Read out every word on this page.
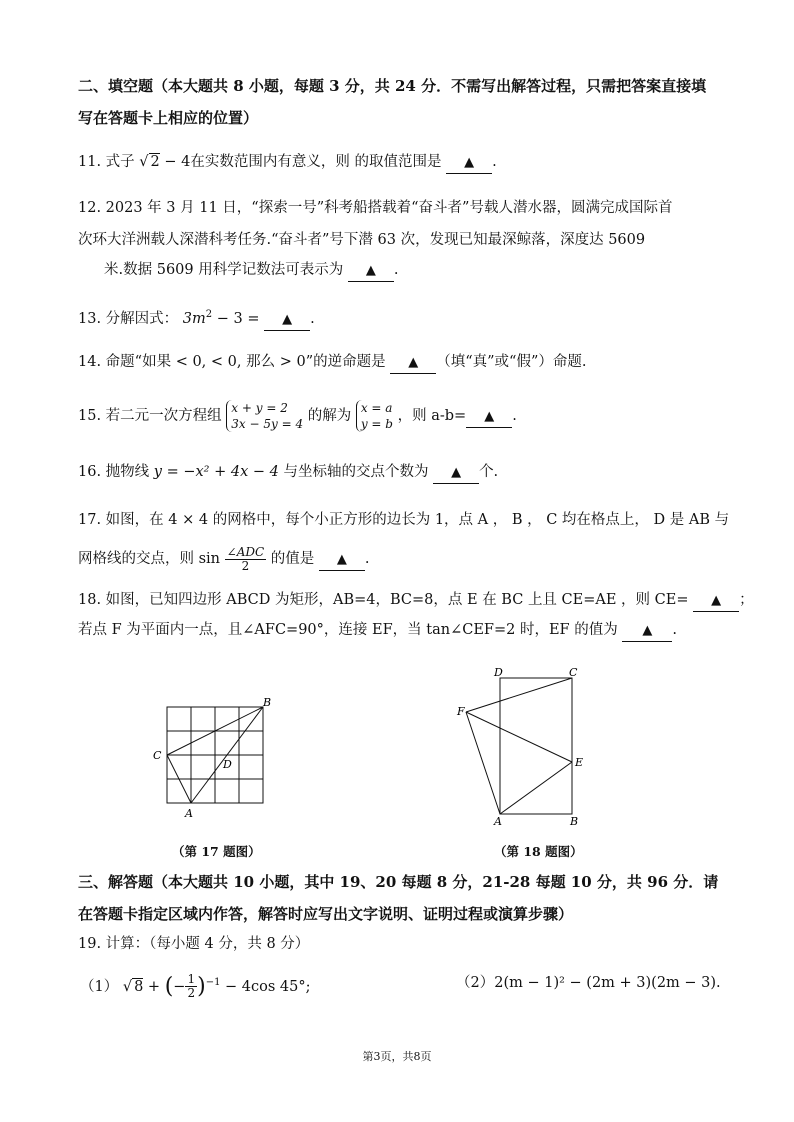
二、填空题（本大题共 8 小题，每题 3 分，共 24 分．不需写出解答过程，只需把答案直接填
写在答题卡上相应的位置）
11. 式子 √ 2 − 4在实数范围内有意义，则 的取值范围是 ▲ .
12. 2023 年 3 月 11 日，“探索一号”科考船搭载着“奋斗者”号载人潜水器，圆满完成国际首
次环大洋洲载人深潜科考任务.“奋斗者”号下潜 63 次，发现已知最深鲸落，深度达 5609
米.数据 5609 用科学记数法可表示为 ▲ .
13. 分解因式： $3m^2 - 3$ = ▲ .
14. 命题“如果 < 0, < 0, 那么 > 0”的逆命题是 ▲ （填“真”或“假”）命题.
15. 若二元一次方程组 x + y = 2
3x − 5y = 4 的解为 x = a
y = b ，则 a-b= ▲ .
16. 抛物线 y = −x² + 4x − 4 与坐标轴的交点个数为 ▲ 个.
17. 如图，在 4 × 4 的网格中，每个小正方形的边长为 1，点 A ， B ， C 均在格点上， D 是 AB 与
网格线的交点，则 $\sin \frac{\text{∠ADC}}{2}$ 的值是 ▲ .
18. 如图，已知四边形 ABCD 为矩形，AB=4，BC=8，点 E 在 BC 上且 CE=AE ，则 CE= ▲ ；
若点 F 为平面内一点，且∠AFC=90°，连接 EF，当 tan∠CEF=2 时，EF 的值为 ▲ .
B
C
D
A
（第 17 题图）
D	C
F
E
A	B
（第 18 题图）
三、解答题（本大题共 10 小题，其中 19、20 每题 8 分，21-28 每题 10 分，共 96 分．请
在答题卡指定区域内作答，解答时应写出文字说明、证明过程或演算步骤）
19. 计算：（每小题 4 分，共 8 分）
（1） √ 8 + (− $\frac{1}{2} )^{-1} - 4\cos$ 45°;	（2）2(m − 1)² − (2m + 3)(2m − 3).
第3页，共8页
